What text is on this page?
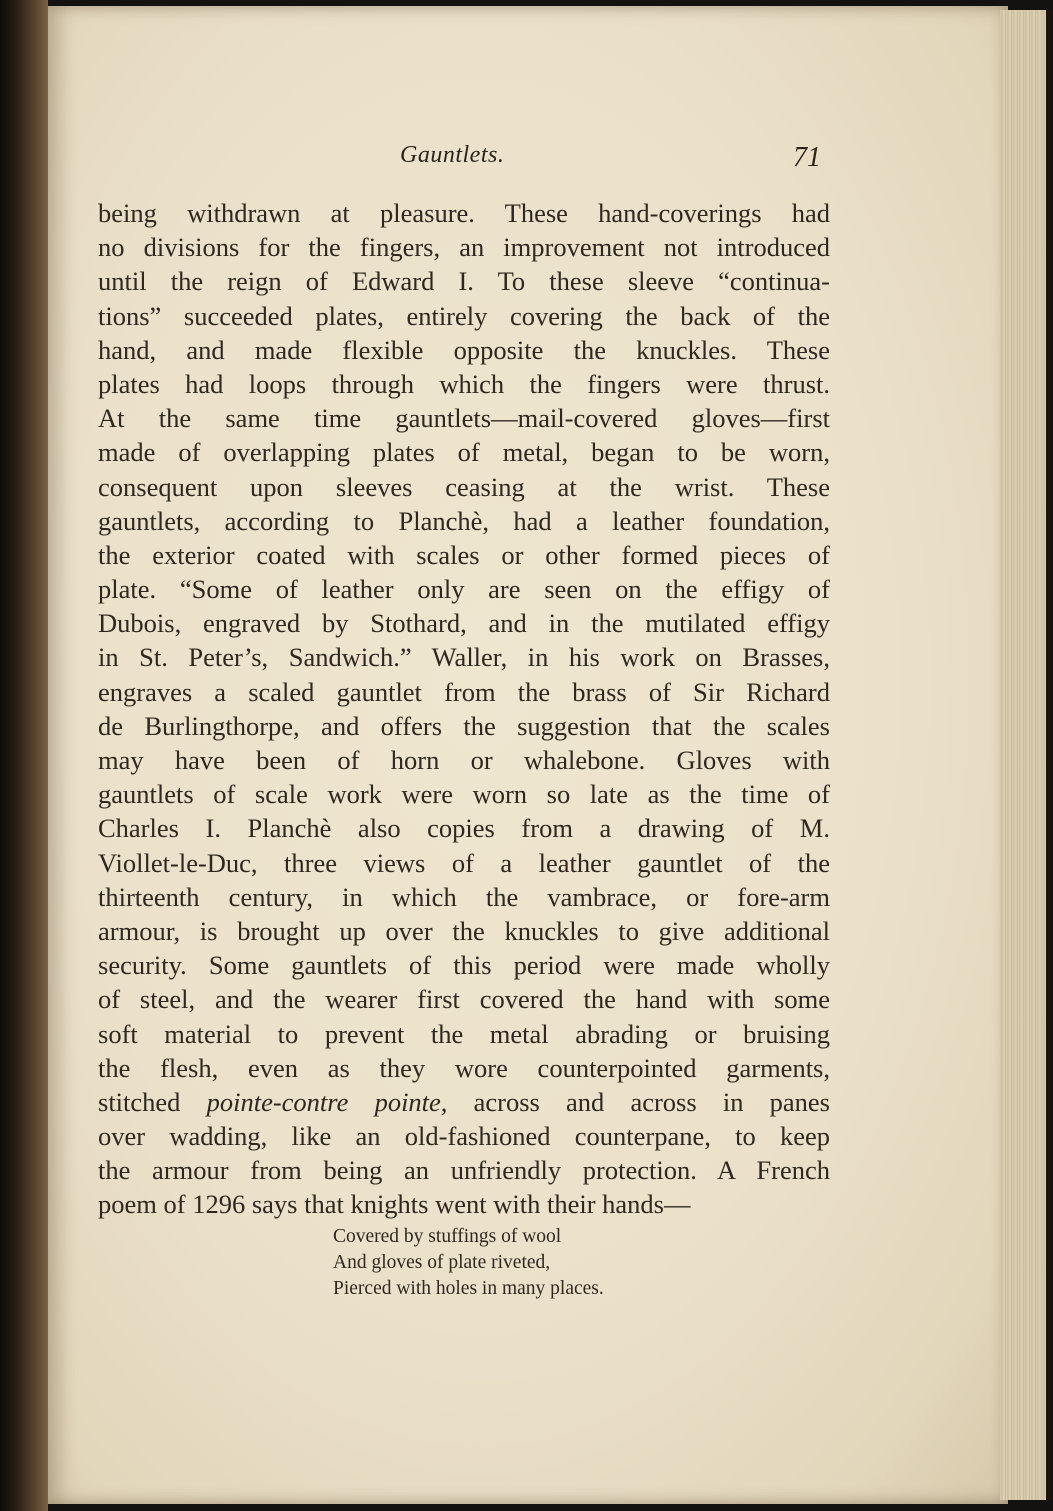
Gauntlets.	71
being withdrawn at pleasure. These hand-coverings had
no divisions for the fingers, an improvement not introduced
until the reign of Edward I. To these sleeve “continua-
tions” succeeded plates, entirely covering the back of the
hand, and made flexible opposite the knuckles. These
plates had loops through which the fingers were thrust.
At the same time gauntlets—mail-covered gloves—first
made of overlapping plates of metal, began to be worn,
consequent upon sleeves ceasing at the wrist. These
gauntlets, according to Planchè, had a leather foundation,
the exterior coated with scales or other formed pieces of
plate. “Some of leather only are seen on the effigy of
Dubois, engraved by Stothard, and in the mutilated effigy
in St. Peter’s, Sandwich.” Waller, in his work on Brasses,
engraves a scaled gauntlet from the brass of Sir Richard
de Burlingthorpe, and offers the suggestion that the scales
may have been of horn or whalebone. Gloves with
gauntlets of scale work were worn so late as the time of
Charles I. Planchè also copies from a drawing of M.
Viollet-le-Duc, three views of a leather gauntlet of the
thirteenth century, in which the vambrace, or fore-arm
armour, is brought up over the knuckles to give additional
security. Some gauntlets of this period were made wholly
of steel, and the wearer first covered the hand with some
soft material to prevent the metal abrading or bruising
the flesh, even as they wore counterpointed garments,
stitched pointe-contre pointe, across and across in panes
over wadding, like an old-fashioned counterpane, to keep
the armour from being an unfriendly protection. A French
poem of 1296 says that knights went with their hands—
Covered by stuffings of wool
And gloves of plate riveted,
Pierced with holes in many places.
